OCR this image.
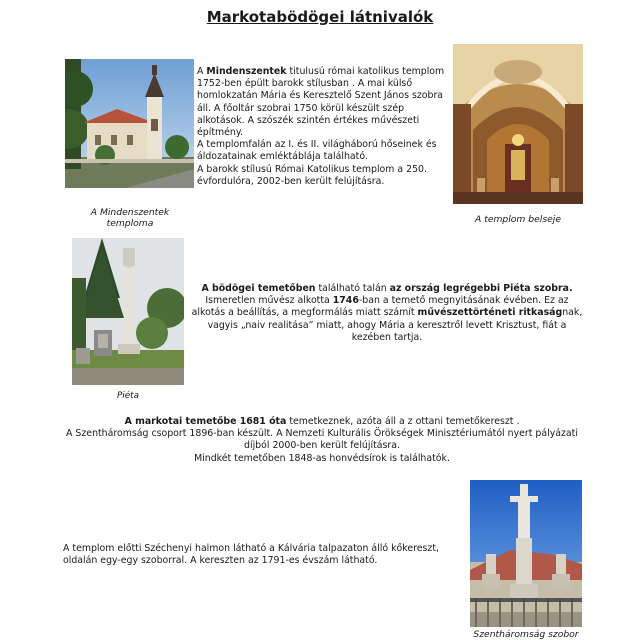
Markotabödögei látnivalók
A Mindenszentek temploma
A Mindenszentek titulusú római katolikus templom 1752-ben épült barokk stílusban . A mai külső homlokzatán Mária és Keresztelő Szent János szobra áll. A főoltár szobrai 1750 körül készült szép alkotások. A szószék szintén értékes művészeti építmény.
A templomfalán az I. és II. világháború hőseinek és áldozatainak emléktáblája található.
A barokk stílusú Római Katolikus templom a 250. évfordulóra, 2002-ben került felújításra.
A templom belseje
Piéta
A bödögei temetőben található talán az ország legrégebbi Piéta szobra. Ismeretlen művész alkotta 1746-ban a temető megnyitásának évében. Ez az alkotás a beállítás, a megformálás miatt számít művészettörténeti ritkaságnak, vagyis „naiv realitása” miatt, ahogy Mária a keresztről levett Krisztust, fiát a kezében tartja.
A markotai temetőbe 1681 óta temetkeznek, azóta áll a z ottani temetőkereszt .
A Szentháromság csoport 1896-ban készült. A Nemzeti Kulturális Örökségek Minisztériumától nyert pályázati díjból 2000-ben került felújításra.
Mindkét temetőben 1848-as honvédsírok is találhatók.
A templom előtti Széchenyi halmon látható a Kálvária talpazaton álló kőkereszt, oldalán egy-egy szoborral. A kereszten az 1791-es évszám látható.
Szentháromság szobor
